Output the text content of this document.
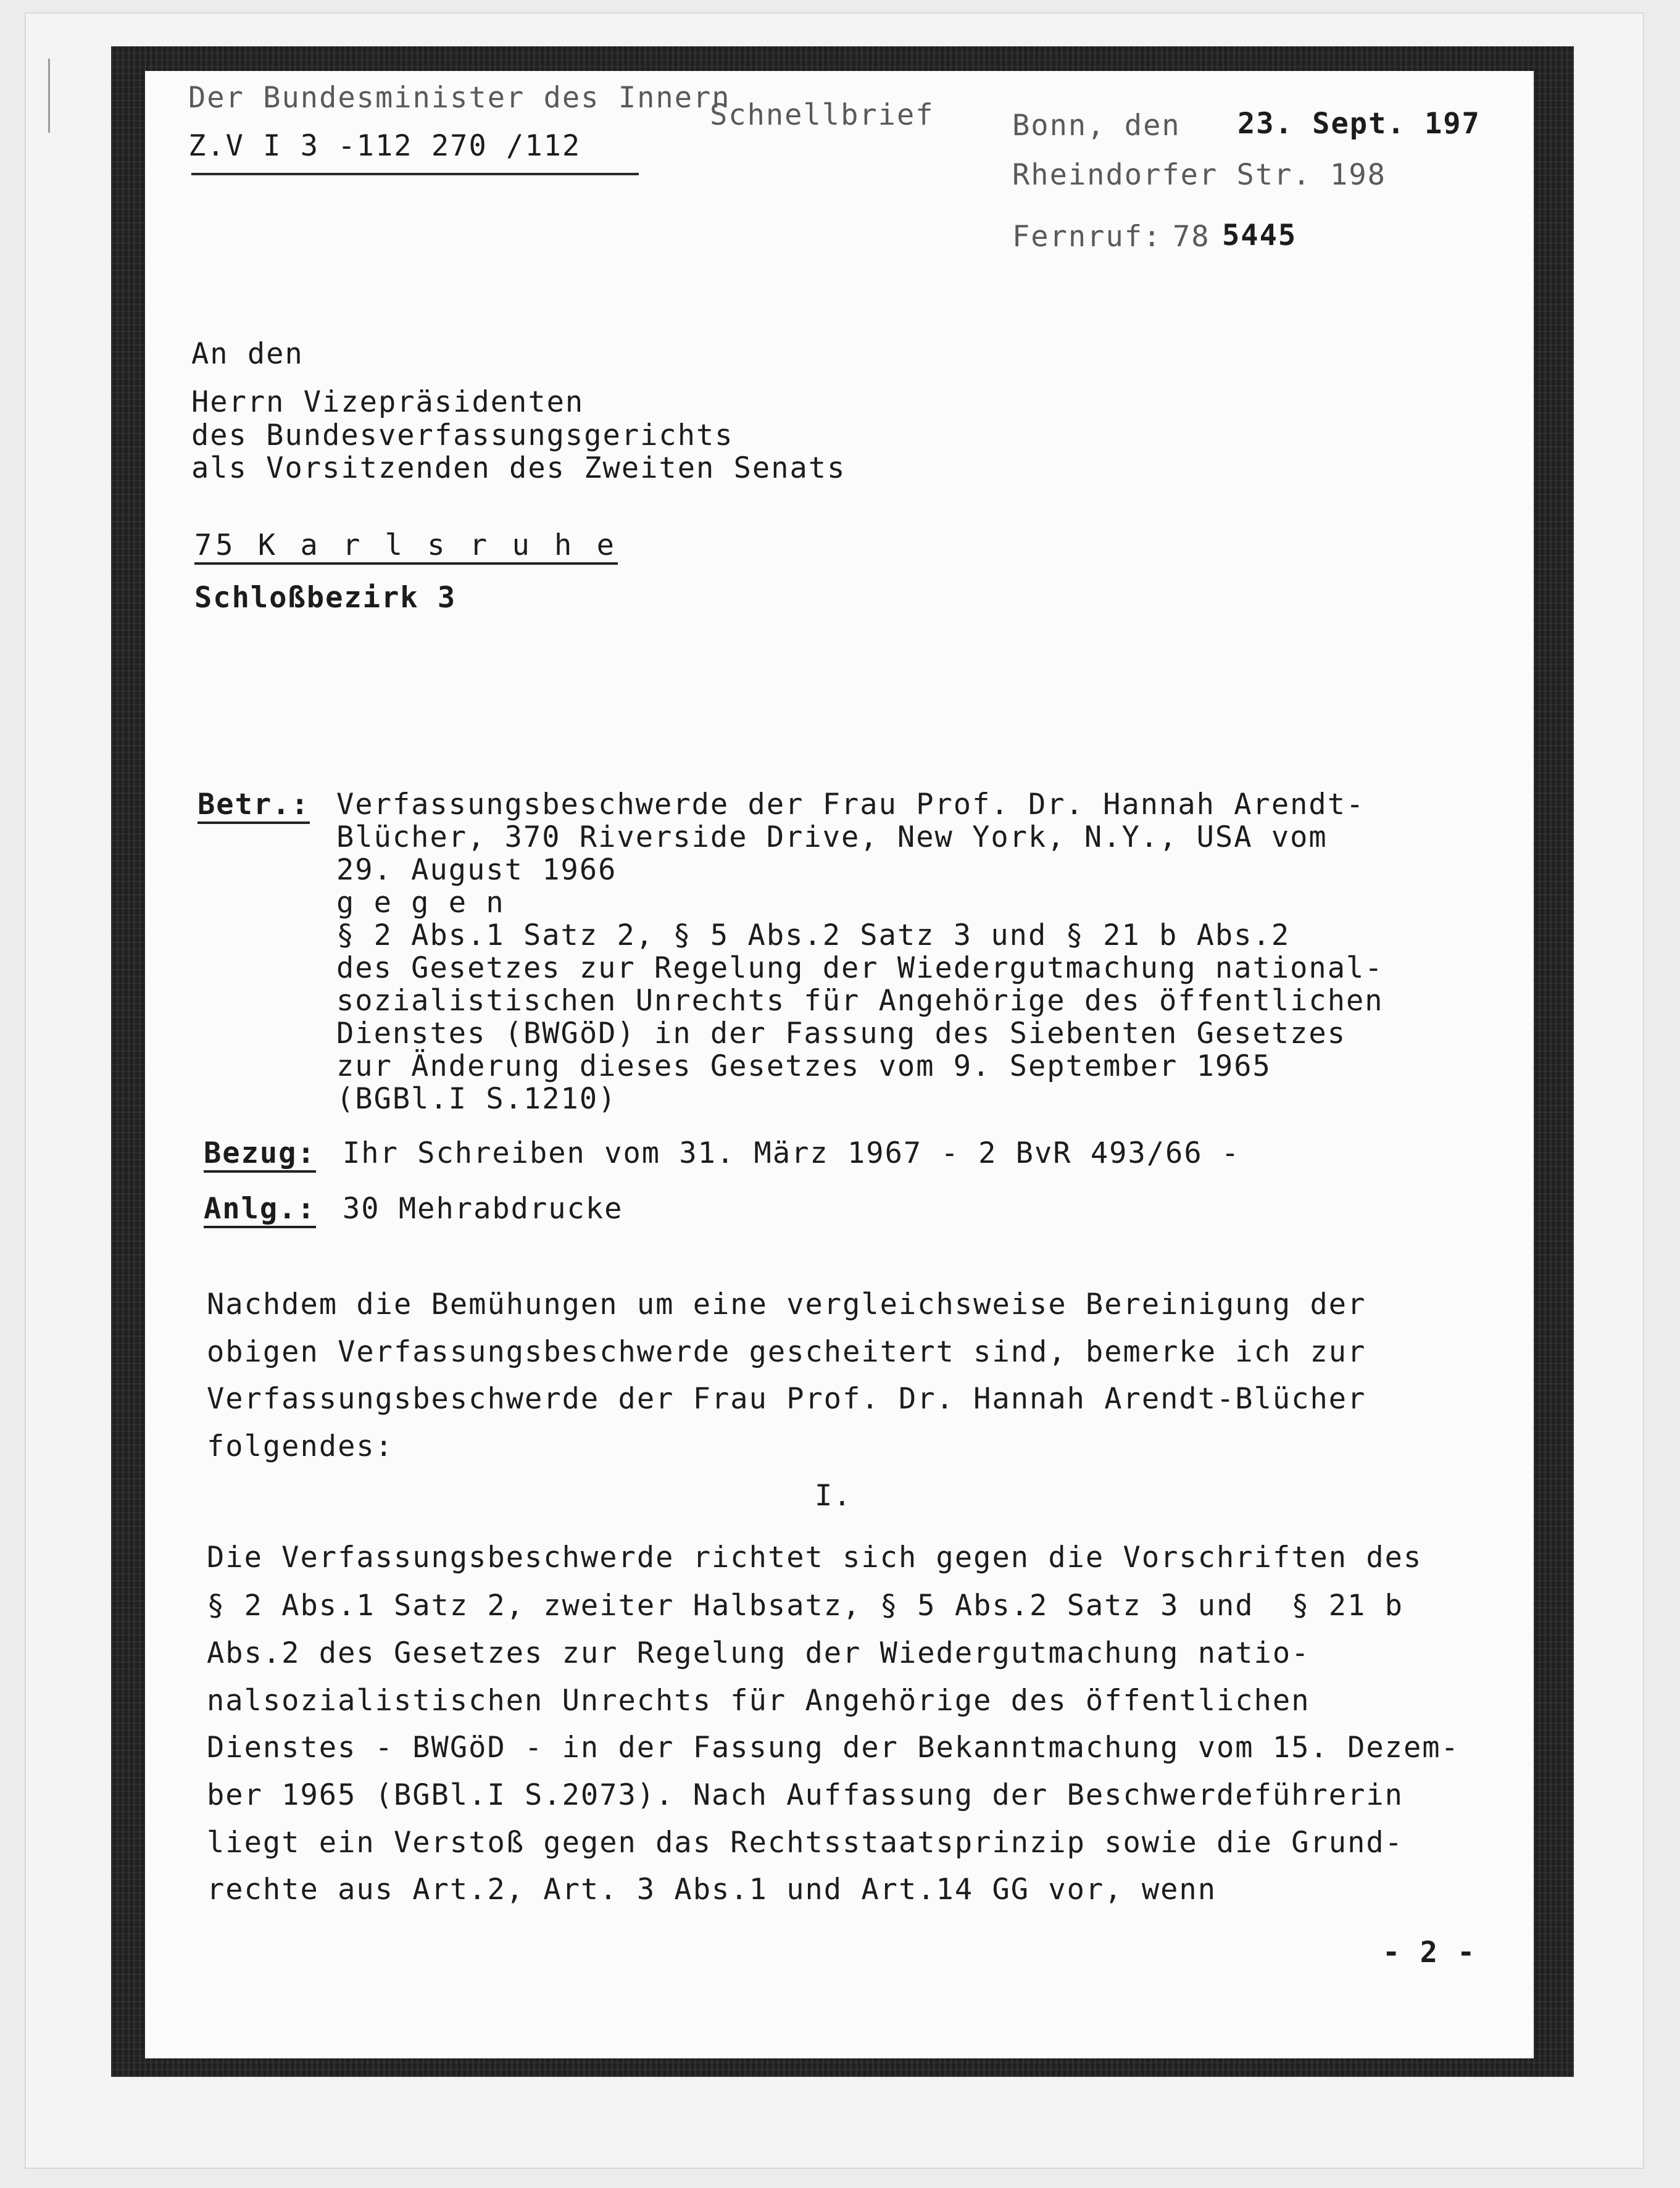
Der Bundesminister des Innern
Schnellbrief
Z.V I 3 -112 270 /112
Bonn, den 23. Sept. 197
Rheindorfer Str. 198
Fernruf: 78 5445
An den
Herrn Vizepräsidenten
des Bundesverfassungsgerichts
als Vorsitzenden des Zweiten Senats
75 K a r l s r u h e
Schloßbezirk 3
Betr.: Verfassungsbeschwerde der Frau Prof. Dr. Hannah Arendt-
Blücher, 370 Riverside Drive, New York, N.Y., USA vom
29. August 1966
g e g e n
§ 2 Abs.1 Satz 2, § 5 Abs.2 Satz 3 und § 21 b Abs.2
des Gesetzes zur Regelung der Wiedergutmachung national-
sozialistischen Unrechts für Angehörige des öffentlichen
Dienstes (BWGöD) in der Fassung des Siebenten Gesetzes
zur Änderung dieses Gesetzes vom 9. September 1965
(BGBl.I S.1210)
Bezug: Ihr Schreiben vom 31. März 1967 - 2 BvR 493/66 -
Anlg.: 30 Mehrabdrucke
Nachdem die Bemühungen um eine vergleichsweise Bereinigung der
obigen Verfassungsbeschwerde gescheitert sind, bemerke ich zur
Verfassungsbeschwerde der Frau Prof. Dr. Hannah Arendt-Blücher
folgendes:
I.
Die Verfassungsbeschwerde richtet sich gegen die Vorschriften des
§ 2 Abs.1 Satz 2, zweiter Halbsatz, § 5 Abs.2 Satz 3 und  § 21 b
Abs.2 des Gesetzes zur Regelung der Wiedergutmachung natio-
nalsozialistischen Unrechts für Angehörige des öffentlichen
Dienstes - BWGöD - in der Fassung der Bekanntmachung vom 15. Dezem-
ber 1965 (BGBl.I S.2073). Nach Auffassung der Beschwerdeführerin
liegt ein Verstoß gegen das Rechtsstaatsprinzip sowie die Grund-
rechte aus Art.2, Art. 3 Abs.1 und Art.14 GG vor, wenn
- 2 -
